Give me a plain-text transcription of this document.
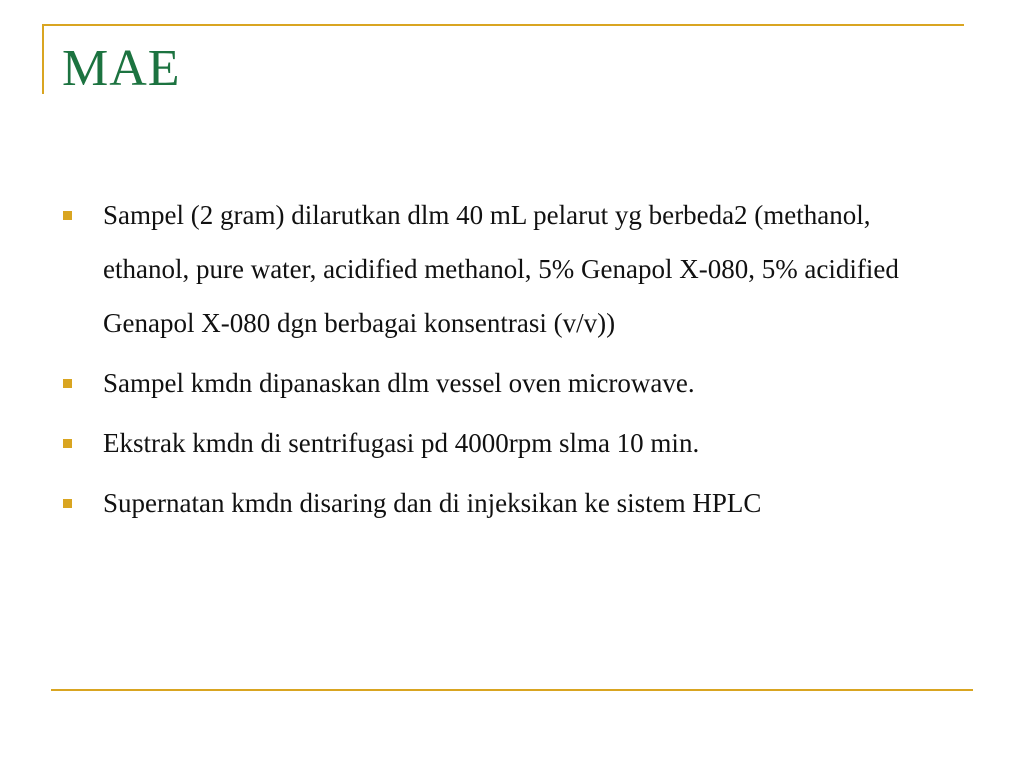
MAE
Sampel (2 gram) dilarutkan dlm 40 mL pelarut yg berbeda2 (methanol, ethanol, pure water, acidified methanol, 5% Genapol X-080, 5% acidified Genapol X-080 dgn berbagai konsentrasi (v/v))
Sampel kmdn dipanaskan dlm vessel oven microwave.
Ekstrak kmdn di sentrifugasi pd 4000rpm slma 10 min.
Supernatan kmdn disaring dan di injeksikan ke sistem HPLC
